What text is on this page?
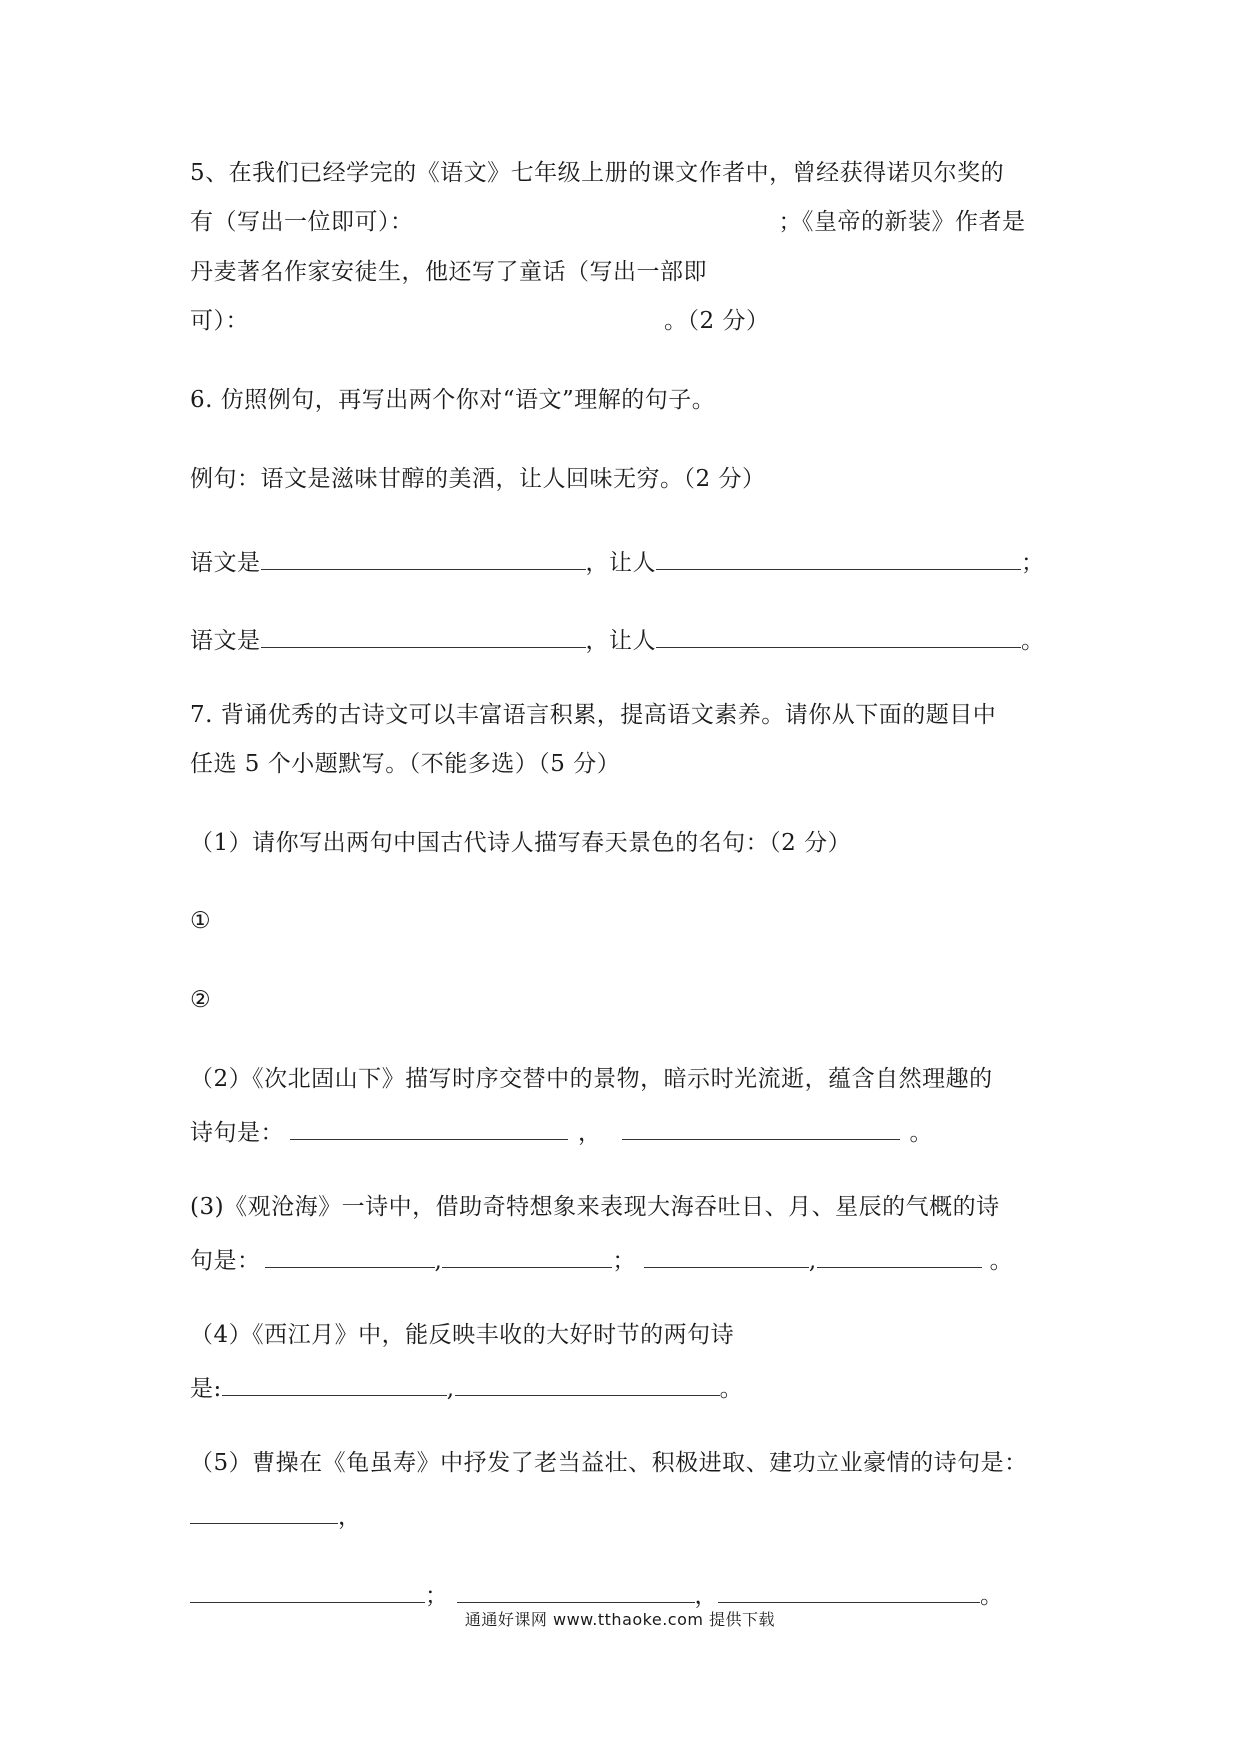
5、在我们已经学完的《语文》七年级上册的课文作者中，曾经获得诺贝尔奖的
有（写出一位即可）：	；《皇帝的新装》作者是
丹麦著名作家安徒生，他还写了童话（写出一部即
可）：	。（2 分）
6. 仿照例句，再写出两个你对“语文”理解的句子。
例句：语文是滋味甘醇的美酒，让人回味无穷。（2 分）
语文是	，让人	；
语文是	，让人	。
7. 背诵优秀的古诗文可以丰富语言积累，提高语文素养。请你从下面的题目中
任选 5 个小题默写。（不能多选）（5 分）
（1）请你写出两句中国古代诗人描写春天景色的名句：（2 分）
①
②
（2）《次北固山下》描写时序交替中的景物，暗示时光流逝，蕴含自然理趣的
诗句是：	，	。
(3)《观沧海》一诗中，借助奇特想象来表现大海吞吐日、月、星辰的气概的诗
句是：	,	；	,	。
（4）《西江月》中，能反映丰收的大好时节的两句诗
是:	,	。
（5）曹操在《龟虽寿》中抒发了老当益壮、积极进取、建功立业豪情的诗句是：
，
；	，	。
通通好课网 www.tthaoke.com 提供下载
